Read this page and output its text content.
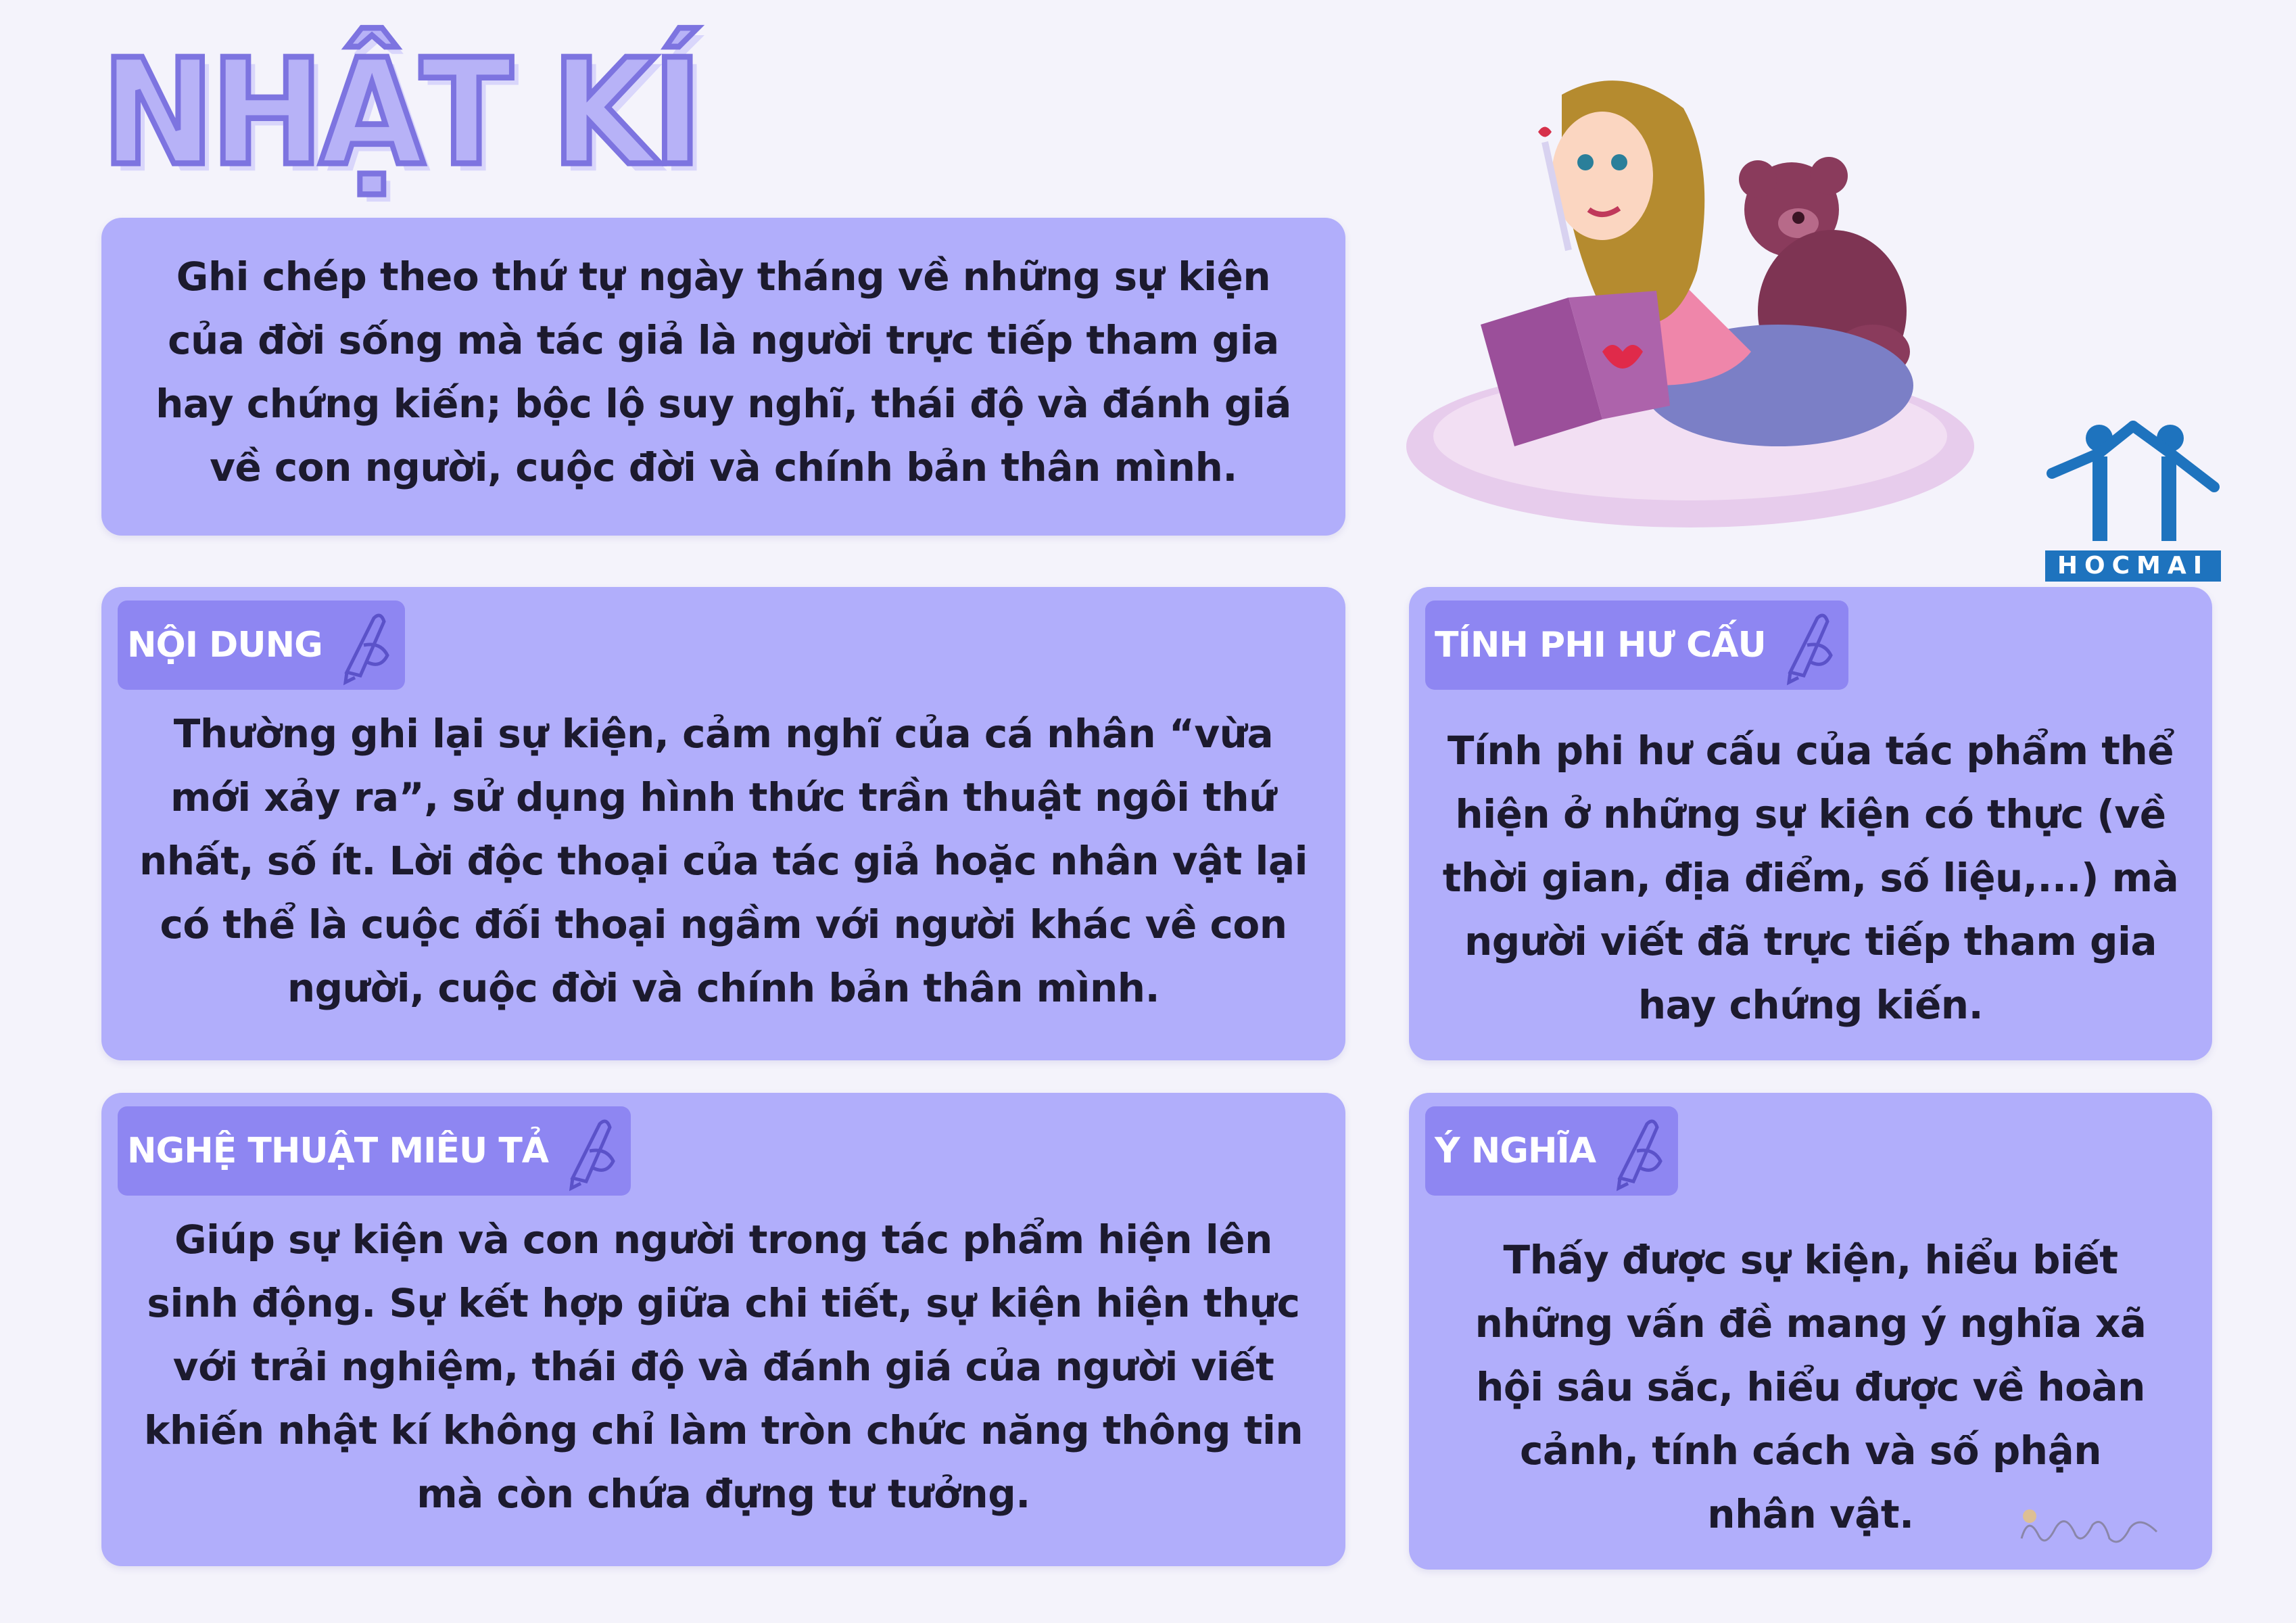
NHẬT KÍ
HOCMAI
Ghi chép theo thứ tự ngày tháng về những sự kiện
của đời sống mà tác giả là người trực tiếp tham gia
hay chứng kiến; bộc lộ suy nghĩ, thái độ và đánh giá
về con người, cuộc đời và chính bản thân mình.
NỘI DUNG
Thường ghi lại sự kiện, cảm nghĩ của cá nhân “vừa
mới xảy ra”, sử dụng hình thức trần thuật ngôi thứ
nhất, số ít. Lời độc thoại của tác giả hoặc nhân vật lại
có thể là cuộc đối thoại ngầm với người khác về con
người, cuộc đời và chính bản thân mình.
TÍNH PHI HƯ CẤU
Tính phi hư cấu của tác phẩm thể
hiện ở những sự kiện có thực (về
thời gian, địa điểm, số liệu,...) mà
người viết đã trực tiếp tham gia
hay chứng kiến.
NGHỆ THUẬT MIÊU TẢ
Giúp sự kiện và con người trong tác phẩm hiện lên
sinh động. Sự kết hợp giữa chi tiết, sự kiện hiện thực
với trải nghiệm, thái độ và đánh giá của người viết
khiến nhật kí không chỉ làm tròn chức năng thông tin
mà còn chứa đựng tư tưởng.
Ý NGHĨA
Thấy được sự kiện, hiểu biết
những vấn đề mang ý nghĩa xã
hội sâu sắc, hiểu được về hoàn
cảnh, tính cách và số phận
nhân vật.
